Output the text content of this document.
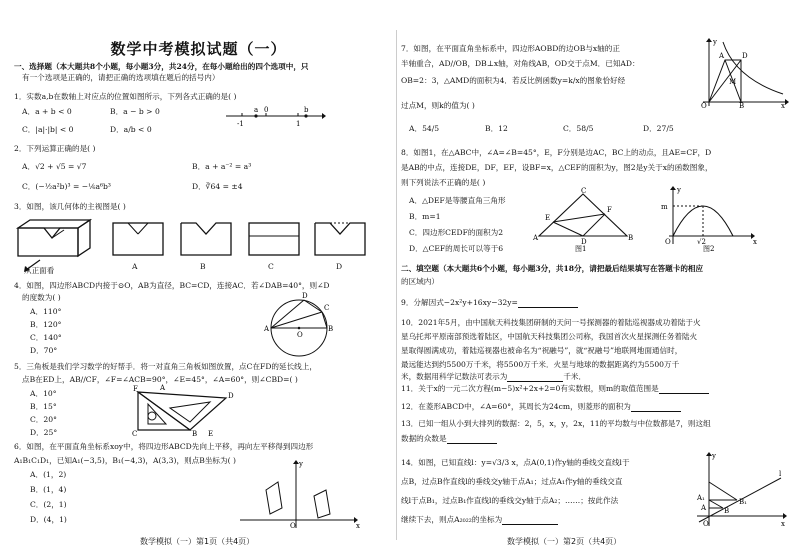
数学中考模拟试题（一）
一、选择题（本大题共8个小题，每小题3分，共24分，在每小题给出的四个选项中，只
有一个选项是正确的，请把正确的选项填在题后的括号内）
1．实数a,b在数轴上对应点的位置如图所示，下列各式正确的是( )
A．a + b < 0	B．a − b > 0
C．|a|·|b| < 0	D．a/b < 0
a 0	b
-1	1
2．下列运算正确的是( )
A．√2 + √5 = √7	B．a + a⁻² = a³
C．(−½a²b)³ = −⅙a⁶b³	D．∛64 = ±4
3．如图，该几何体的主视图是( )
从正面看	A	B	C	D
4．如图，四边形ABCD内接于⊙O，AB为直径，BC=CD，连接AC．若∠DAB=40°，则∠D
的度数为( )
A．110°
B．120°
C．140°
D．70°
D
C
A	B
O
5．三角板是我们学习数学的好帮手．将一对直角三角板如图放置，点C在FD的延长线上，
点B在ED上，AB//CF，∠F=∠ACB=90°，∠E=45°，∠A=60°，则∠CBD=( )
A．10°
B．15°
C．20°
D．25°
F
D
C	B
A
E
6．如图，在平面直角坐标系xoy中，将四边形ABCD先向上平移，再向左平移得到四边形
A₁B₁C₁D₁，已知A₁(−3,5)，B₁(−4,3)，A(3,3)，则点B坐标为( )
A．(1，2)
B．(1，4)
C．(2，1)
D．(4，1)
x
y
O
数学模拟（一）第1页（共4页）
7．如图，在平面直角坐标系中，四边形AOBD的边OB与x轴的正
半轴重合，AD//OB，DB⊥x轴，对角线AB，OD交于点M．已知AD：
OB=2：3，△AMD的面积为4．若反比例函数y=k/x的图象恰好经
过点M，则k的值为( )
A．54/5	B．12	C．58/5	D．27/5
A	D
M
O	B	x
y
8．如图1，在△ABC中，∠A=∠B=45°，E，F分别是边AC，BC上的动点，且AE=CF，D
是AB的中点，连接DE，DF，EF，设BF=x，△CEF的面积为y，图2是y关于x的函数图象，
则下列说法不正确的是( )
A．△DEF是等腰直角三角形
B．m=1
C．四边形CEDF的面积为2
D．△CEF的周长可以等于6
A	B
C
D
E
F
图1
m
O	√2	x
y
图2
二、填空题（本大题共6个小题，每小题3分，共18分，请把最后结果填写在答题卡的相应
的区域内）
9．分解因式−2x²y+16xy−32y=
10．2021年5月，由中国航天科技集团研制的天问一号探测器的着陆巡视器成功着陆于火
星乌托邦平原南部预选着陆区，中国航天科技集团公司称，我国首次火星探测任务着陆火
星取得圆满成功，着陆巡视器也被命名为“祝融号”，就“祝融号”地联网地面通信时，
最远能达到约5500万千米，将5500万千米．火星与地球的数据距离约为5500万千
米，数据用科学记数法可表示为	千米．
11．关于x的一元二次方程(m−5)x²+2x+2=0有实数根，则m的取值范围是
12．在菱形ABCD中，∠A=60°，其周长为24cm，则菱形的面积为
13．已知一组从小到大排列的数据：2，5，x，y，2x，11的平均数与中位数都是7，则这组
数据的众数是
14．如图，已知直线l：y=√3/3 x，点A(0,1)作y轴的垂线交直线l于
点B，过点B作直线l的垂线交y轴于点A₁；过点A₁作y轴的垂线交直
线l于点B₁，过点B₁作直线l的垂线交y轴于点A₂；……；按此作法
继续下去，则点A₂₀₂₂的坐标为
y
l
A	B
A₁	B₁
O	x
数学模拟（一）第2页（共4页）
